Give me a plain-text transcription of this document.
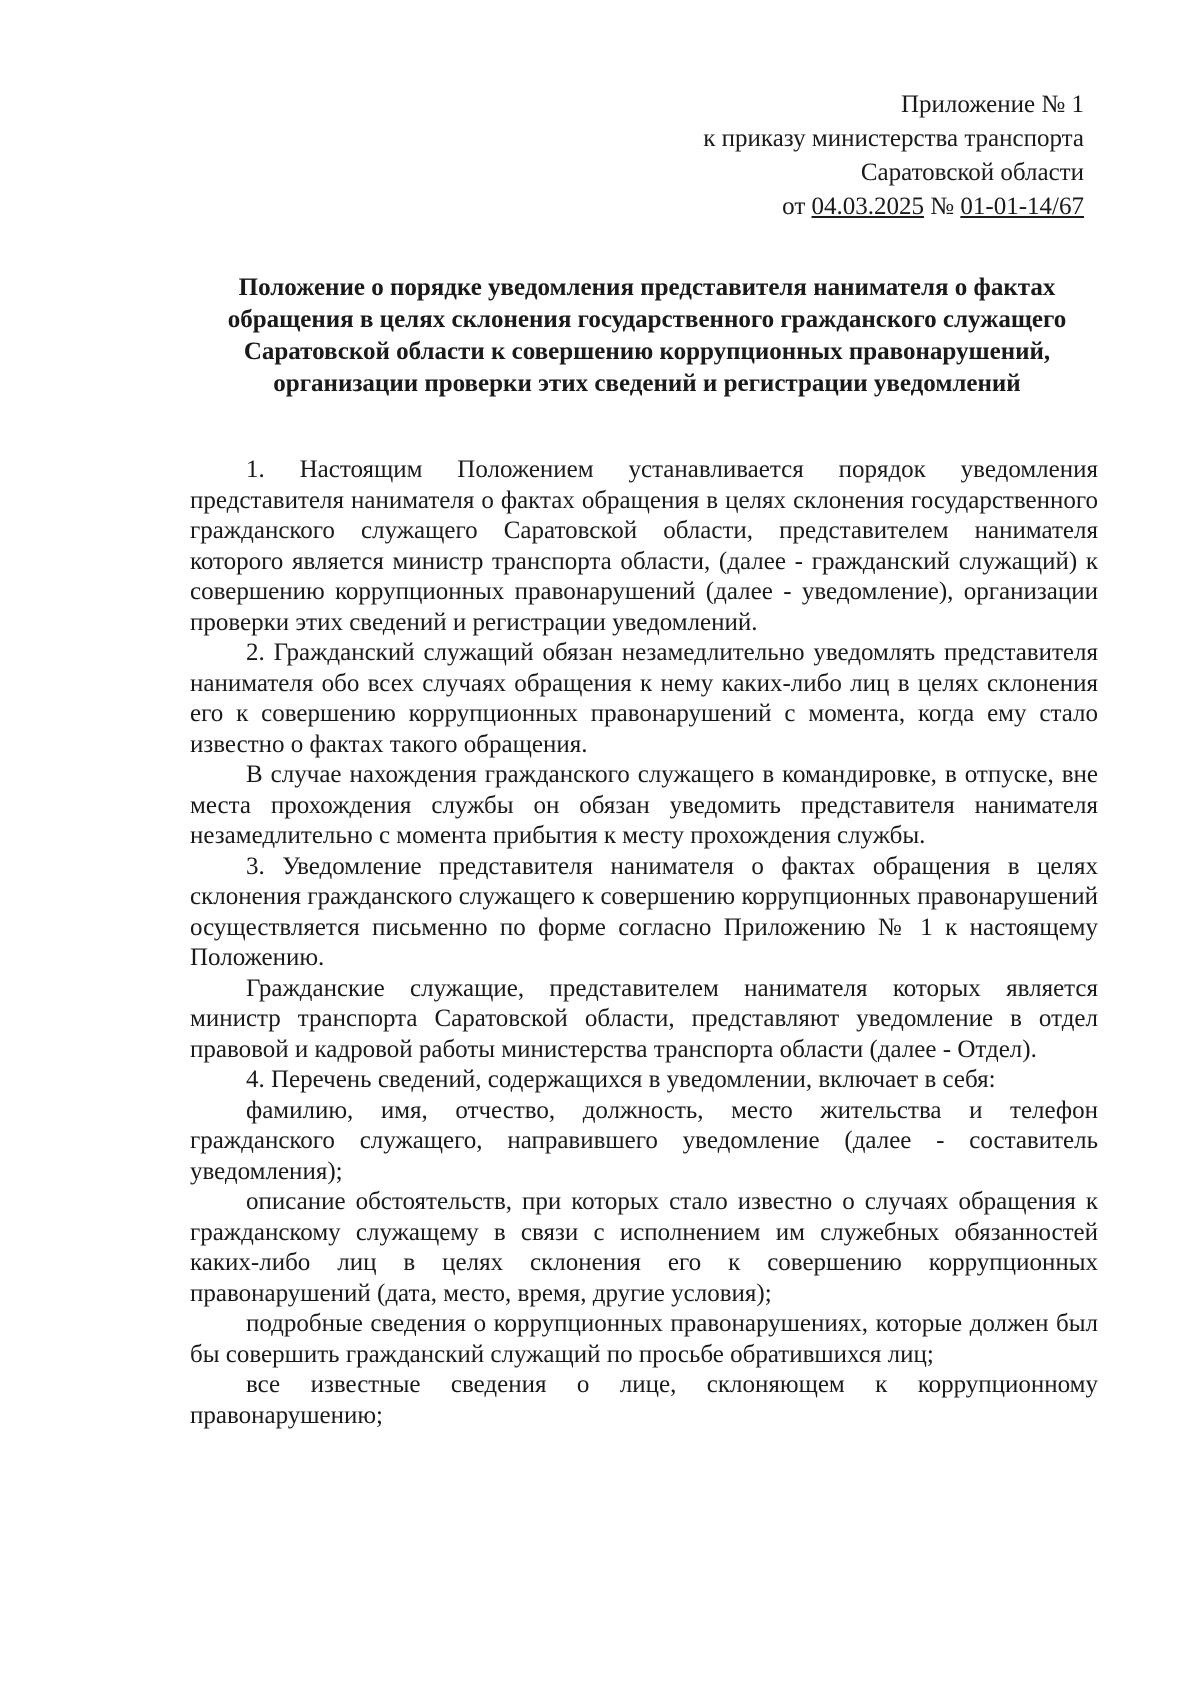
Приложение № 1
к приказу министерства транспорта
Саратовской области
от 04.03.2025 № 01-01-14/67
Положение о порядке уведомления представителя нанимателя о фактах обращения в целях склонения государственного гражданского служащего Саратовской области к совершению коррупционных правонарушений, организации проверки этих сведений и регистрации уведомлений

1. Настоящим Положением устанавливается порядок уведомления представителя нанимателя о фактах обращения в целях склонения государственного гражданского служащего Саратовской области, представителем нанимателя которого является министр транспорта области, (далее - гражданский служащий) к совершению коррупционных правонарушений (далее - уведомление), организации проверки этих сведений и регистрации уведомлений.

2. Гражданский служащий обязан незамедлительно уведомлять представителя нанимателя обо всех случаях обращения к нему каких-либо лиц в целях склонения его к совершению коррупционных правонарушений с момента, когда ему стало известно о фактах такого обращения.

В случае нахождения гражданского служащего в командировке, в отпуске, вне места прохождения службы он обязан уведомить представителя нанимателя незамедлительно с момента прибытия к месту прохождения службы.

3. Уведомление представителя нанимателя о фактах обращения в целях склонения гражданского служащего к совершению коррупционных правонарушений осуществляется письменно по форме согласно Приложению № 1 к настоящему Положению.

Гражданские служащие, представителем нанимателя которых является министр транспорта Саратовской области, представляют уведомление в отдел правовой и кадровой работы министерства транспорта области (далее - Отдел).

4. Перечень сведений, содержащихся в уведомлении, включает в себя:

фамилию, имя, отчество, должность, место жительства и телефон гражданского служащего, направившего уведомление (далее - составитель уведомления);

описание обстоятельств, при которых стало известно о случаях обращения к гражданскому служащему в связи с исполнением им служебных обязанностей каких-либо лиц в целях склонения его к совершению коррупционных правонарушений (дата, место, время, другие условия);

подробные сведения о коррупционных правонарушениях, которые должен был бы совершить гражданский служащий по просьбе обратившихся лиц;

все известные сведения о лице, склоняющем к коррупционному правонарушению;
